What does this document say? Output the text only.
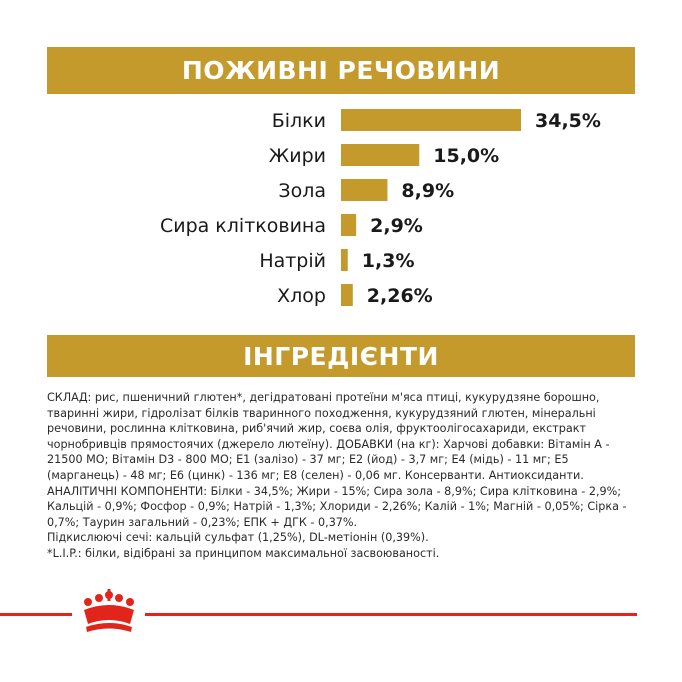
ПОЖИВНІ РЕЧОВИНИ
Білки	34,5%
Жири	15,0%
Зола	8,9%
Сира клітковина 2,9%
Натрій 1,3%
Хлор 2,26%
ІНГРЕДІЄНТИ

СКЛАД: рис, пшеничний глютен*, дегідратовані протеїни м'яса птиці, кукурудзяне борошно, тваринні жири, гідролізат білків тваринного походження, кукурудзяний глютен, мінеральні речовини, рослинна клітковина, риб'ячий жир, соєва олія, фруктоолігосахариди, екстракт чорнобривців прямостоячих (джерело лютеїну). ДОБАВКИ (на кг): Харчові добавки: Вітамін А - 21500 МО; Вітамін D3 - 800 МО; E1 (залізо) - 37 мг; E2 (йод) - 3,7 мг; E4 (мідь) - 11 мг; E5 (марганець) - 48 мг; E6 (цинк) - 136 мг; E8 (селен) - 0,06 мг. Консерванти. Антиоксиданти.

АНАЛІТИЧНІ КОМПОНЕНТИ: Білки - 34,5%; Жири - 15%; Сира зола - 8,9%; Сира клітковина - 2,9%; Кальцій - 0,9%; Фосфор - 0,9%; Натрій - 1,3%; Хлориди - 2,26%; Калій - 1%; Магній - 0,05%; Сірка - 0,7%; Таурин загальний - 0,23%; ЕПК + ДГК - 0,37%.

Підкислюючі сечі: кальцій сульфат (1,25%), DL-метіонін (0,39%).

*L.I.P.: білки, відібрані за принципом максимальної засвоюваності.
